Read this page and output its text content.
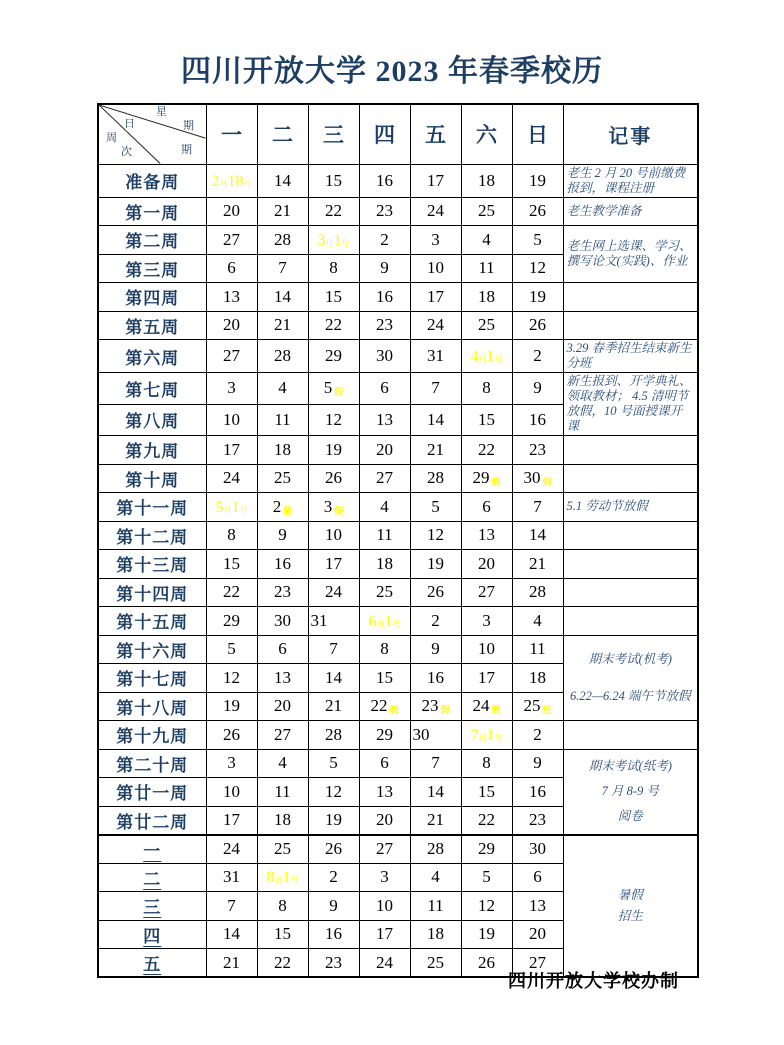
四川开放大学 2023 年春季校历
星
期
日
期
周
次
	一	二	三	四	五	六	日	记事
准备周	2月18号	14	15	16	17	18	19	老生 2 月 20 号前缴费报到，课程注册

第一周	20	21	22	23	24	25	26	老生教学准备

第二周	27	28	3月1号	2	3	4	5	老生网上选课、学习、撰写论文(实践)、作业

第三周	6	7	8	9	10	11	12	
第四周	13	14	15	16	17	18	19	
第五周	20	21	22	23	24	25	26	
第六周	27	28	29	30	31	4月1号	2	3.29 春季招生结束新生分班

第七周	3	4	5 假	6	7	8	9	新生报到、开学典礼、领取教材； 4.5 清明节放假，10 号面授课开课

第八周	10	11	12	13	14	15	16	
第九周	17	18	19	20	21	22	23	
第十周	24	25	26	27	28	29 假	30 假	
第十一周	5月1号	2 假	3 假	4	5	6	7	5.1 劳动节放假

第十二周	8	9	10	11	12	13	14	
第十三周	15	16	17	18	19	20	21	
第十四周	22	23	24	25	26	27	28	
第十五周	29	30	31	6月1号	2	3	4	
第十六周	5	6	7	8	9	10	11	期末考试(机考)
6.22—6.24 端午节放假

第十七周	12	13	14	15	16	17	18	
第十八周	19	20	21	22 假	23 假	24 假	25 班	
第十九周	26	27	28	29	30	7月1号	2	
第二十周	3	4	5	6	7	8	9	期末考试(纸考)
7 月 8-9 号
阅卷

第廿一周	10	11	12	13	14	15	16	
第廿二周	17	18	19	20	21	22	23	
一	24	25	26	27	28	29	30	暑假
招生

二	31	8月1号	2	3	4	5	6	
三	7	8	9	10	11	12	13	
四	14	15	16	17	18	19	20	
五	21	22	23	24	25	26	27	
四川开放大学校办制
